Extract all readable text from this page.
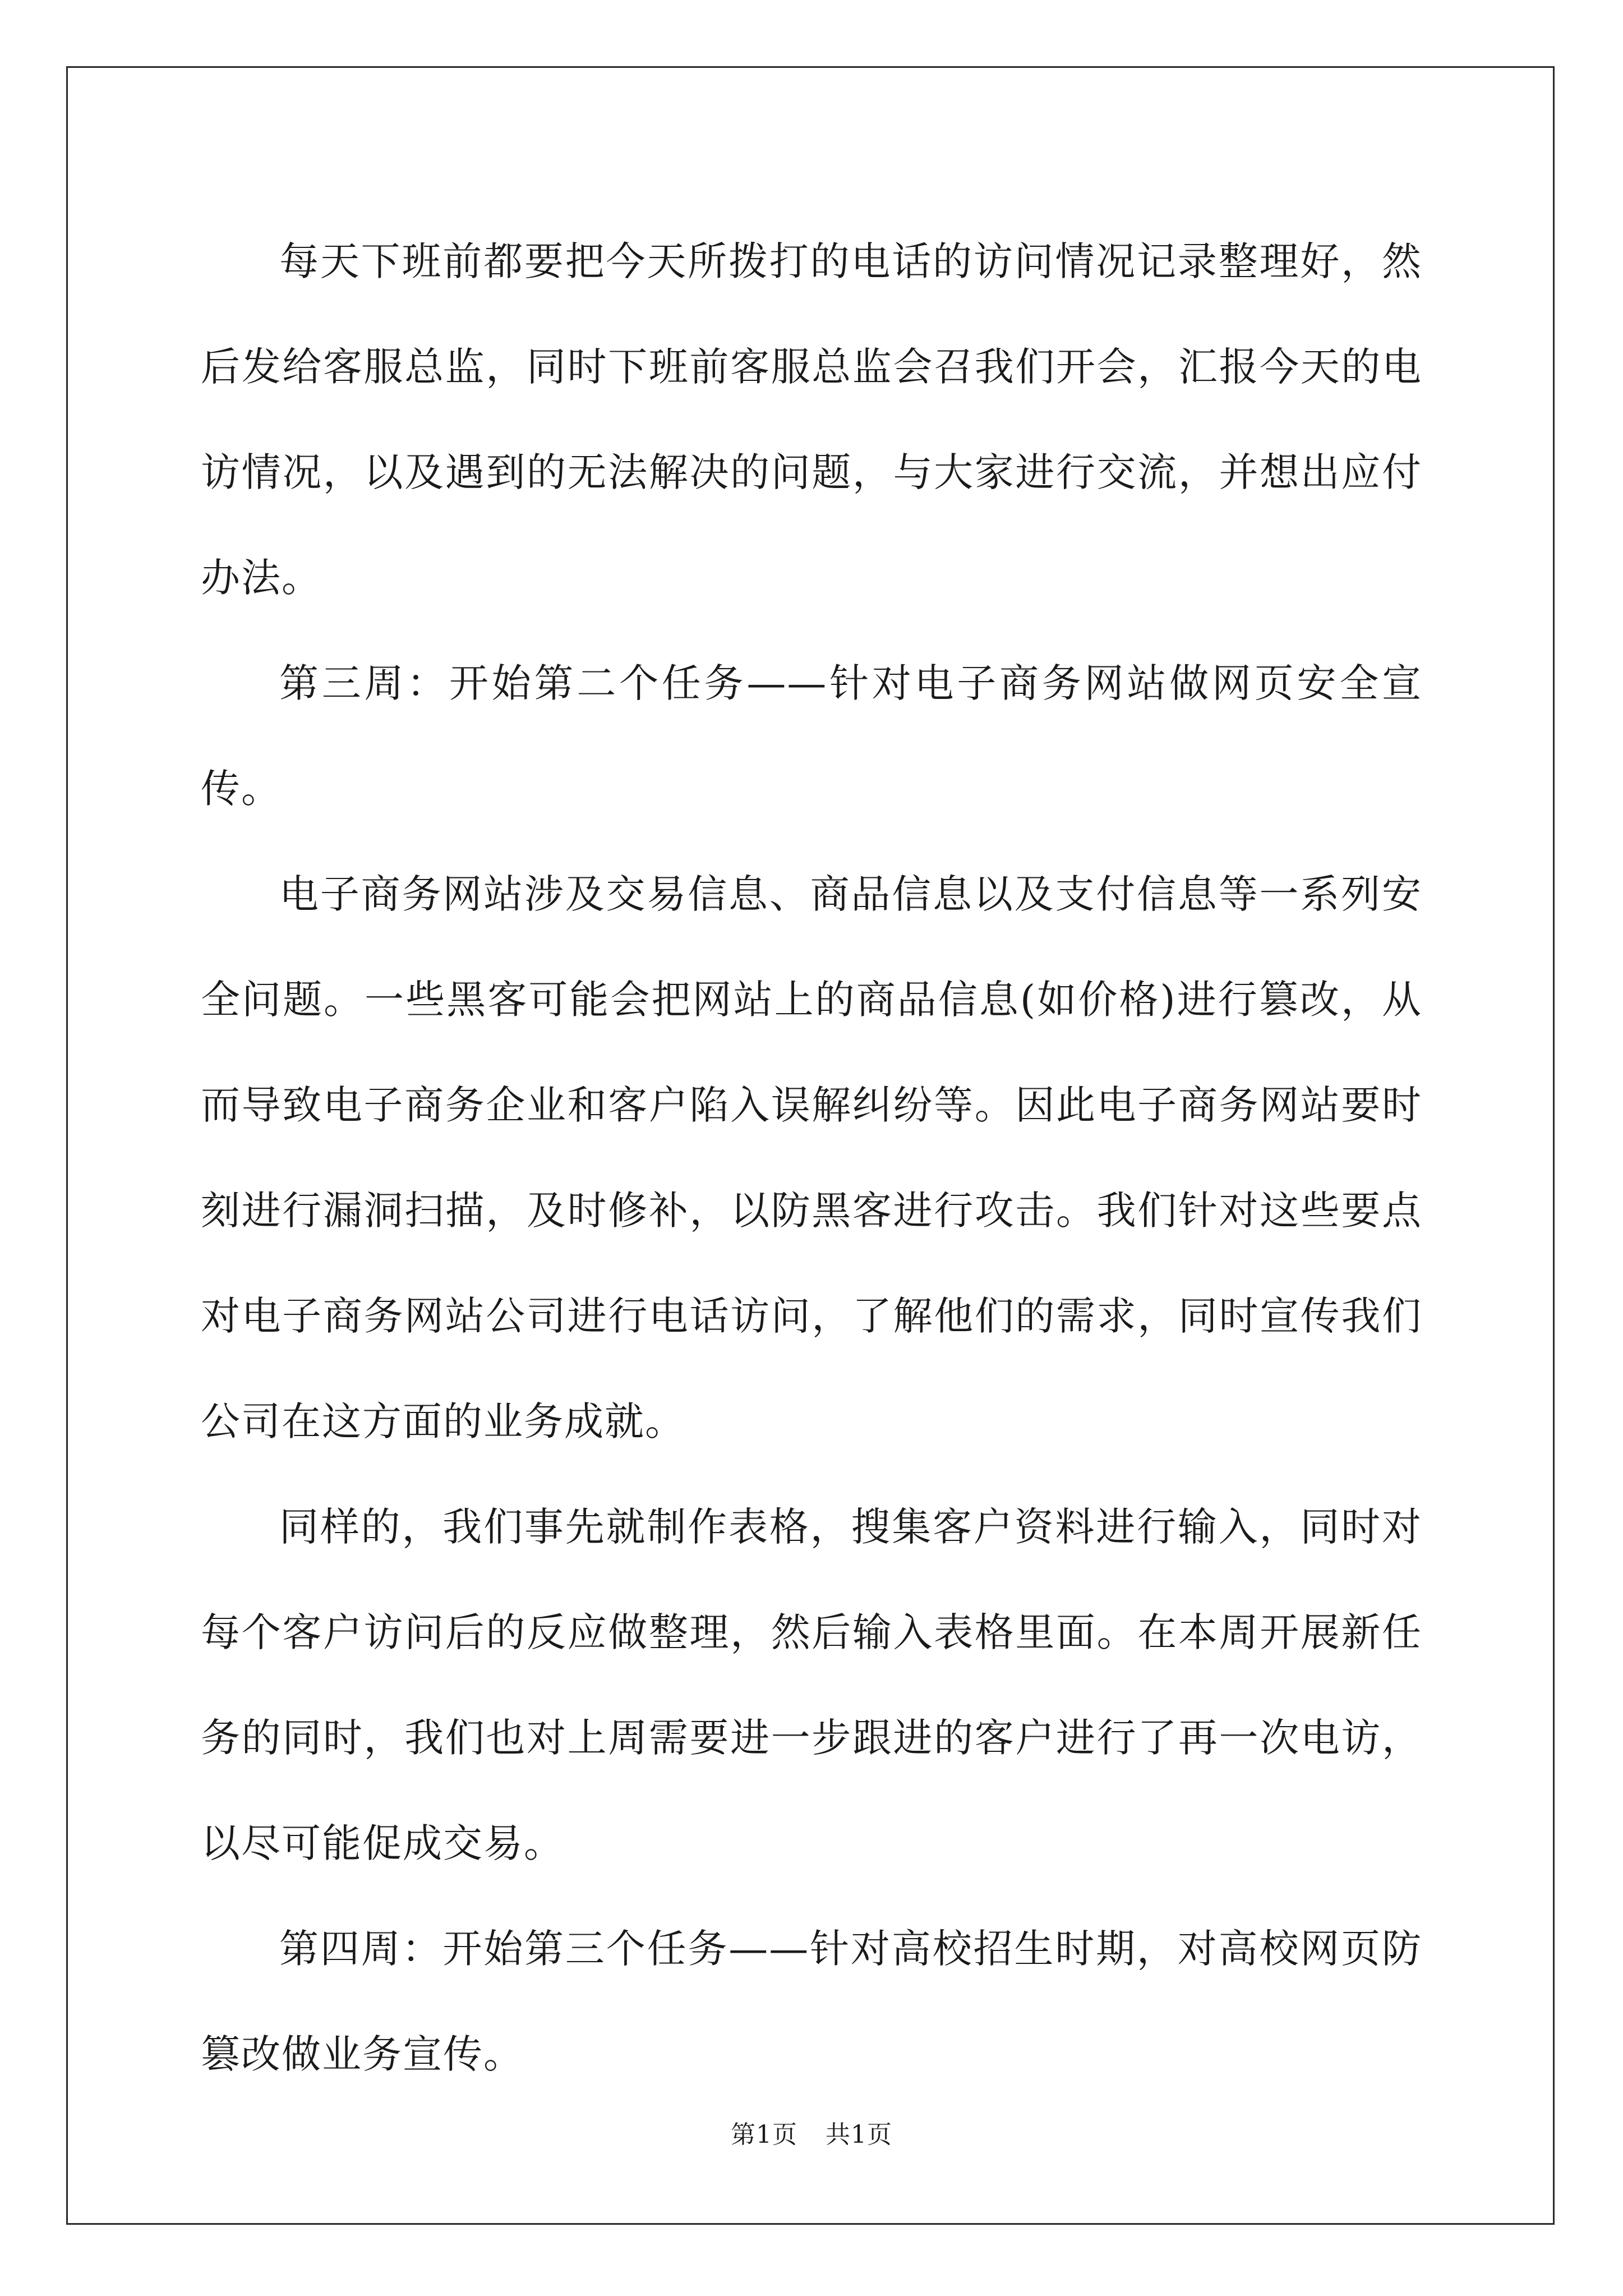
每天下班前都要把今天所拨打的电话的访问情况记录整理好，然后发给客服总监，同时下班前客服总监会召我们开会，汇报今天的电访情况，以及遇到的无法解决的问题，与大家进行交流，并想出应付办法。

第三周：开始第二个任务——针对电子商务网站做网页安全宣传。

电子商务网站涉及交易信息、商品信息以及支付信息等一系列安全问题。一些黑客可能会把网站上的商品信息(如价格)进行篡改，从而导致电子商务企业和客户陷入误解纠纷等。因此电子商务网站要时刻进行漏洞扫描，及时修补，以防黑客进行攻击。我们针对这些要点对电子商务网站公司进行电话访问，了解他们的需求，同时宣传我们公司在这方面的业务成就。

同样的，我们事先就制作表格，搜集客户资料进行输入，同时对每个客户访问后的反应做整理，然后输入表格里面。在本周开展新任务的同时，我们也对上周需要进一步跟进的客户进行了再一次电访，以尽可能促成交易。

第四周：开始第三个任务——针对高校招生时期，对高校网页防篡改做业务宣传。

第1页 共1页
